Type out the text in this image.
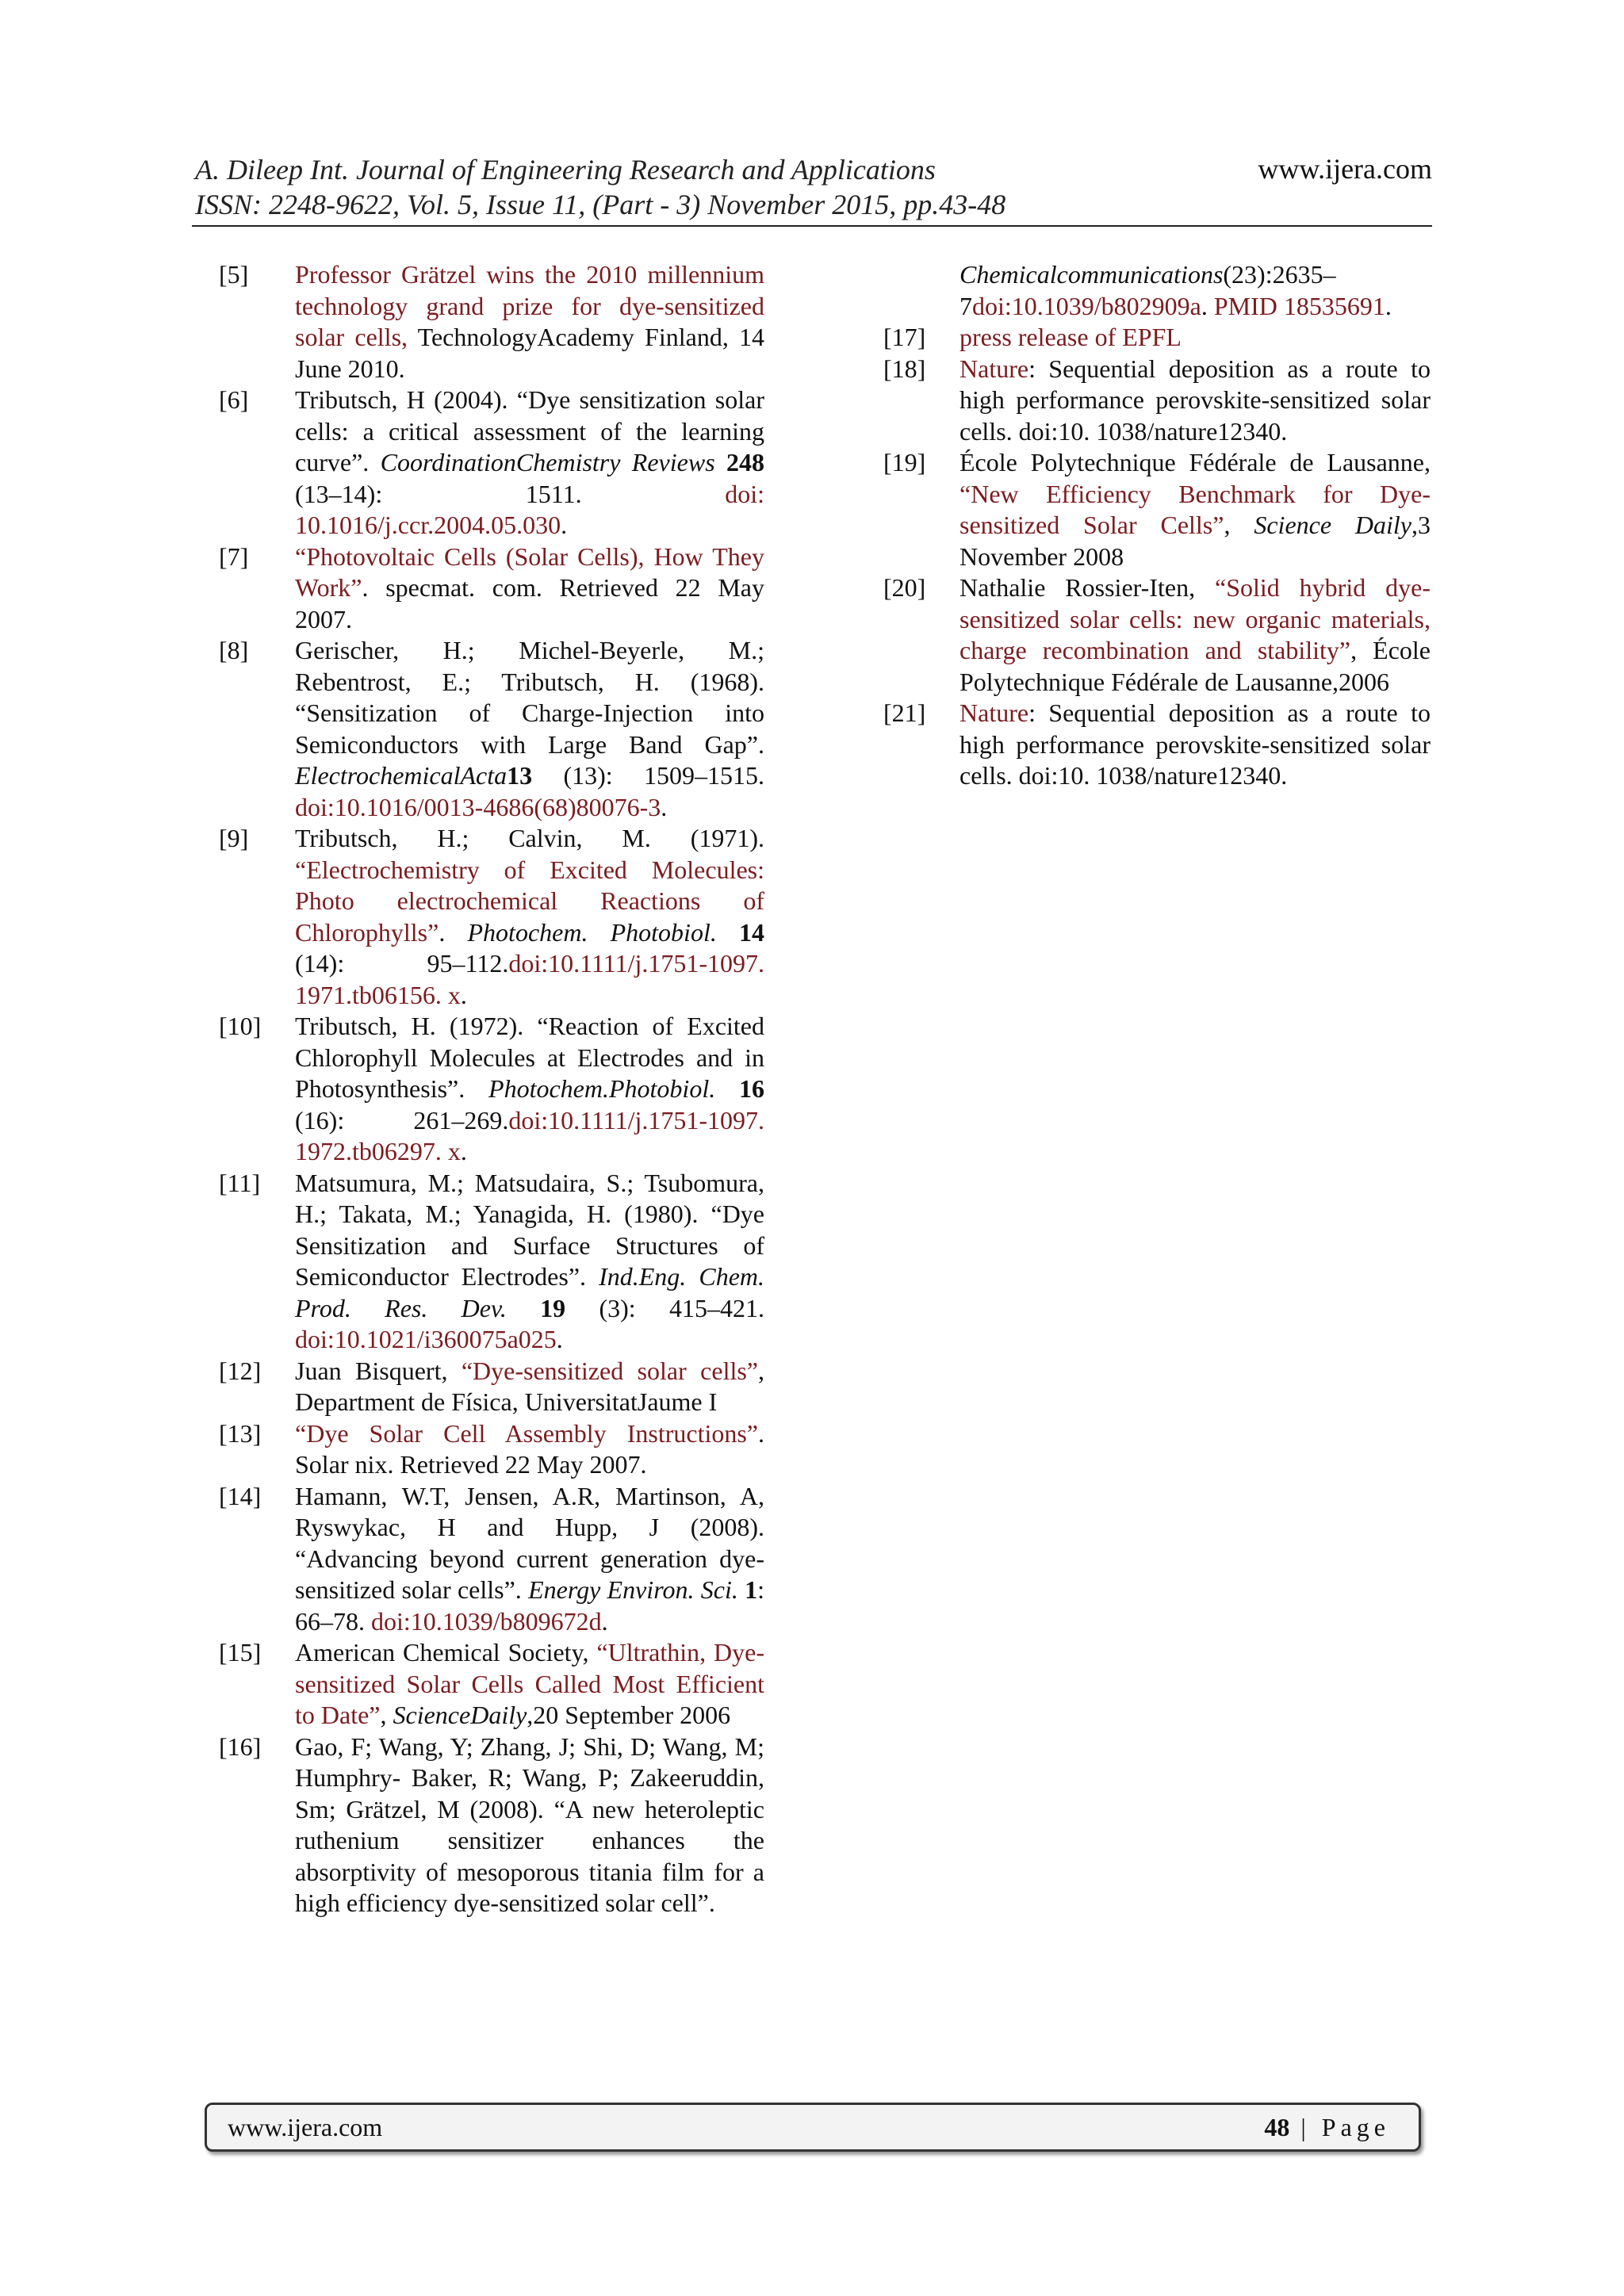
A. Dileep Int. Journal of Engineering Research and Applications	www.ijera.com
ISSN: 2248-9622, Vol. 5, Issue 11, (Part - 3) November 2015, pp.43-48
[5]	Professor Grätzel wins the 2010 millennium technology grand prize for dye-sensitized solar cells, TechnologyAcademy Finland, 14 June 2010.
[6]	Tributsch, H (2004). “Dye sensitization solar cells: a critical assessment of the learning curve”. CoordinationChemistry Reviews 248 (13–14): 1511. doi: 10.1016/j.ccr.2004.05.030.
[7]	“Photovoltaic Cells (Solar Cells), How They Work”. specmat. com. Retrieved 22 May 2007.
[8]	Gerischer, H.; Michel-Beyerle, M.; Rebentrost, E.; Tributsch, H. (1968). “Sensitization of Charge-Injection into Semiconductors with Large Band Gap”. ElectrochemicalActa13 (13): 1509–1515. doi:10.1016/0013-4686(68)80076-3.
[9]	Tributsch, H.; Calvin, M. (1971). “Electrochemistry of Excited Molecules: Photo electrochemical Reactions of Chlorophylls”. Photochem. Photobiol. 14 (14): 95–112.doi:10.1111/j.1751-1097. 1971.tb06156. x.
[10]	Tributsch, H. (1972). “Reaction of Excited Chlorophyll Molecules at Electrodes and in Photosynthesis”. Photochem.Photobiol. 16 (16): 261–269.doi:10.1111/j.1751-1097. 1972.tb06297. x.
[11]	Matsumura, M.; Matsudaira, S.; Tsubomura, H.; Takata, M.; Yanagida, H. (1980). “Dye Sensitization and Surface Structures of Semiconductor Electrodes”. Ind.Eng. Chem. Prod. Res. Dev. 19 (3): 415–421. doi:10.1021/i360075a025.
[12]	Juan Bisquert, “Dye-sensitized solar cells”, Department de Física, UniversitatJaume I
[13]	“Dye Solar Cell Assembly Instructions”. Solar nix. Retrieved 22 May 2007.
[14]	Hamann, W.T, Jensen, A.R, Martinson, A, Ryswykac, H and Hupp, J (2008). “Advancing beyond current generation dye-sensitized solar cells”. Energy Environ. Sci. 1: 66–78. doi:10.1039/b809672d.
[15]	American Chemical Society, “Ultrathin, Dye-sensitized Solar Cells Called Most Efficient to Date”, ScienceDaily,20 September 2006
[16]	Gao, F; Wang, Y; Zhang, J; Shi, D; Wang, M; Humphry- Baker, R; Wang, P; Zakeeruddin, Sm; Grätzel, M (2008). “A new heteroleptic ruthenium sensitizer enhances the absorptivity of mesoporous titania film for a high efficiency dye-sensitized solar cell”.
Chemicalcommunications(23):2635–7doi:10.1039/b802909a. PMID 18535691.
[17]	press release of EPFL
[18]	Nature: Sequential deposition as a route to high performance perovskite-sensitized solar cells. doi:10. 1038/nature12340.
[19]	École Polytechnique Fédérale de Lausanne, “New Efficiency Benchmark for Dye-sensitized Solar Cells”, Science Daily,3 November 2008
[20]	Nathalie Rossier-Iten, “Solid hybrid dye-sensitized solar cells: new organic materials, charge recombination and stability”, École Polytechnique Fédérale de Lausanne,2006
[21]	Nature: Sequential deposition as a route to high performance perovskite-sensitized solar cells. doi:10. 1038/nature12340.
www.ijera.com	48 | Page
